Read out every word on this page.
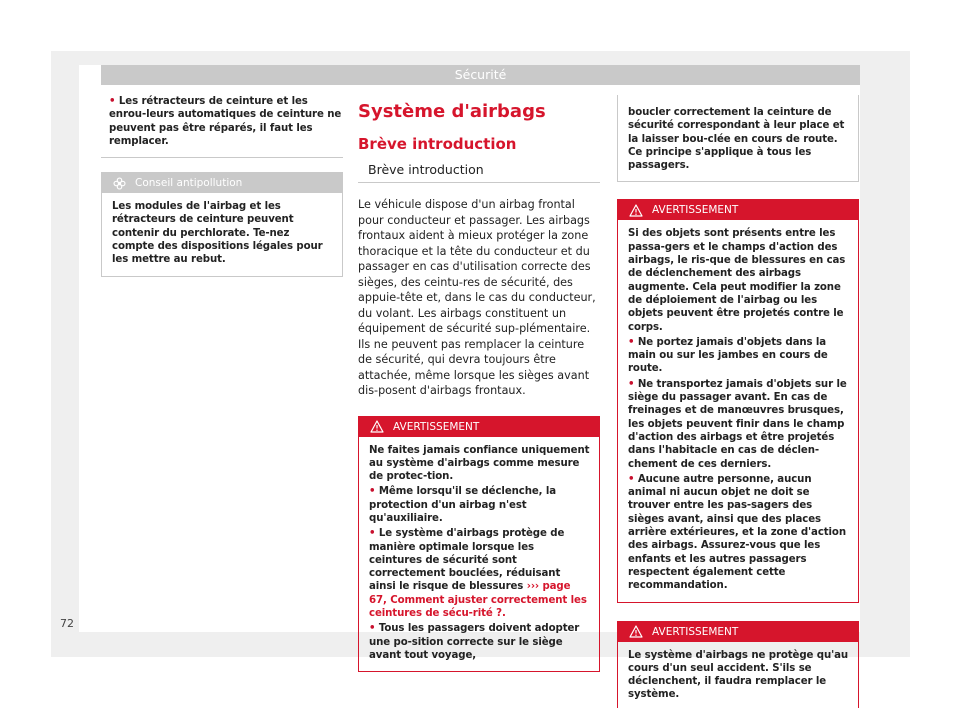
Sécurité
• Les rétracteurs de ceinture et les enrou-leurs automatiques de ceinture ne peuvent pas être réparés, il faut les remplacer.
Conseil antipollution
Les modules de l'airbag et les rétracteurs de ceinture peuvent contenir du perchlorate. Te-nez compte des dispositions légales pour les mettre au rebut.
Système d'airbags
Brève introduction
Brève introduction
Le véhicule dispose d'un airbag frontal pour conducteur et passager. Les airbags frontaux aident à mieux protéger la zone thoracique et la tête du conducteur et du passager en cas d'utilisation correcte des sièges, des ceintu-res de sécurité, des appuie-tête et, dans le cas du conducteur, du volant. Les airbags constituent un équipement de sécurité sup-plémentaire. Ils ne peuvent pas remplacer la ceinture de sécurité, qui devra toujours être attachée, même lorsque les sièges avant dis-posent d'airbags frontaux.
AVERTISSEMENT
Ne faites jamais confiance uniquement au système d'airbags comme mesure de protec-tion.
• Même lorsqu'il se déclenche, la protection d'un airbag n'est qu'auxiliaire.
• Le système d'airbags protège de manière optimale lorsque les ceintures de sécurité sont correctement bouclées, réduisant ainsi le risque de blessures ››› page 67, Comment ajuster correctement les ceintures de sécu-rité ?.
• Tous les passagers doivent adopter une po-sition correcte sur le siège avant tout voyage,
boucler correctement la ceinture de sécurité correspondant à leur place et la laisser bou-clée en cours de route. Ce principe s'applique à tous les passagers.
AVERTISSEMENT
Si des objets sont présents entre les passa-gers et le champs d'action des airbags, le ris-que de blessures en cas de déclenchement des airbags augmente. Cela peut modifier la zone de déploiement de l'airbag ou les objets peuvent être projetés contre le corps.
• Ne portez jamais d'objets dans la main ou sur les jambes en cours de route.
• Ne transportez jamais d'objets sur le siège du passager avant. En cas de freinages et de manœuvres brusques, les objets peuvent finir dans le champ d'action des airbags et être projetés dans l'habitacle en cas de déclen-chement de ces derniers.
• Aucune autre personne, aucun animal ni aucun objet ne doit se trouver entre les pas-sagers des sièges avant, ainsi que des places arrière extérieures, et la zone d'action des airbags. Assurez-vous que les enfants et les autres passagers respectent également cette recommandation.
AVERTISSEMENT
Le système d'airbags ne protège qu'au cours d'un seul accident. S'ils se déclenchent, il faudra remplacer le système.
72
